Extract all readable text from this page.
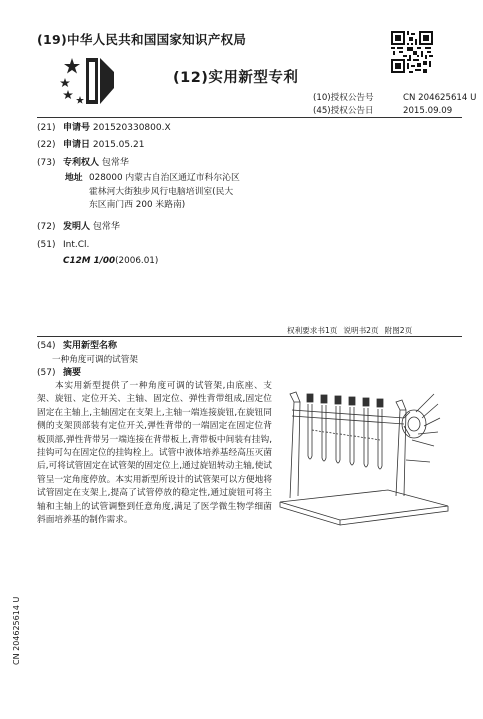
(19)中华人民共和国国家知识产权局
(12)实用新型专利
(10)授权公告号	CN 204625614 U
(45)授权公告日	2015.09.09
(21) 申请号 201520330800.X
(22) 申请日 2015.05.21
(73) 专利权人 包常华
地址 028000 内蒙古自治区通辽市科尔沁区
霍林河大街独步风行电脑培训室(民大
东区南门西 200 米路南)
(72) 发明人 包常华
(51) Int.Cl.
C12M 1/00(2006.01)
权利要求书1页 说明书2页 附图2页
(54) 实用新型名称
一种角度可调的试管架
(57) 摘要
本实用新型提供了一种角度可调的试管架,由底座、支架、旋钮、定位开关、主轴、固定位、弹性背带组成,固定位固定在主轴上,主轴固定在支架上,主轴一端连接旋钮,在旋钮同侧的支架顶部装有定位开关,弹性背带的一端固定在固定位背板顶部,弹性背带另一端连接在背带板上,背带板中间装有挂钩,挂钩可勾在固定位的挂钩栓上。试管中液体培养基经高压灭菌后,可将试管固定在试管架的固定位上,通过旋钮转动主轴,使试管呈一定角度停放。本实用新型所设计的试管架可以方便地将试管固定在支架上,提高了试管停放的稳定性,通过旋钮可将主轴和主轴上的试管调整到任意角度,满足了医学微生物学细菌斜面培养基的制作需求。
CN 204625614 U
